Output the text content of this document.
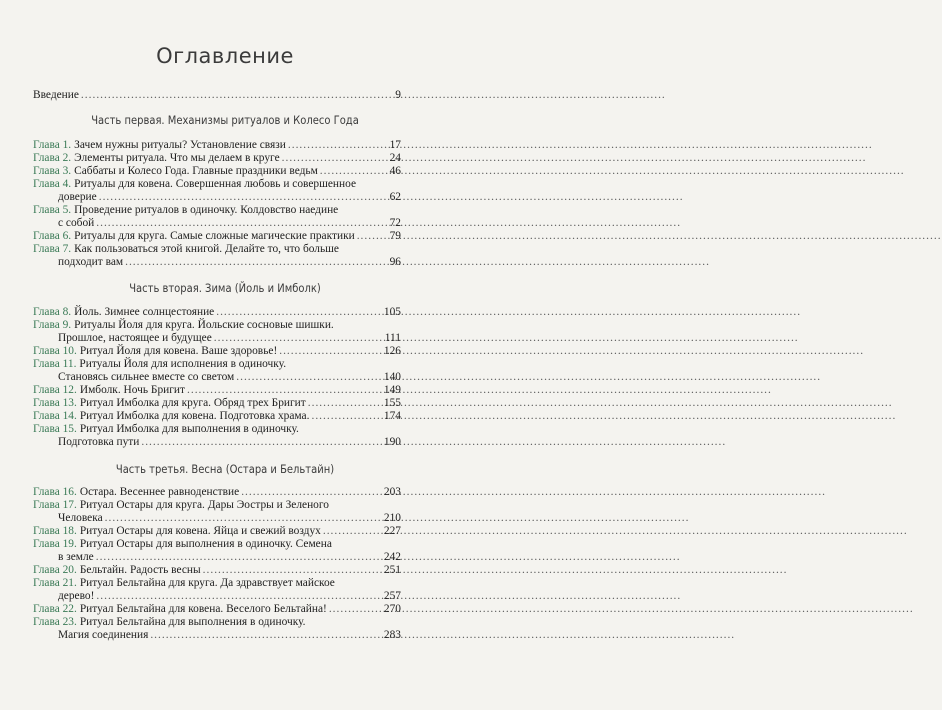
Оглавление
Введение .....	9
Часть первая. Механизмы ритуалов и Колесо Года
Глава 1. Зачем нужны ритуалы? Установление связи .....	17
Глава 2. Элементы ритуала. Что мы делаем в круге .....	24
Глава 3. Саббаты и Колесо Года. Главные праздники ведьм .....	46
Глава 4. Ритуалы для ковена. Совершенная любовь и совершенное
доверие .....	62
Глава 5. Проведение ритуалов в одиночку. Колдовство наедине
с собой .....	72
Глава 6. Ритуалы для круга. Самые сложные магические практики .....	79
Глава 7. Как пользоваться этой книгой. Делайте то, что больше
подходит вам .....	96
Часть вторая. Зима (Йоль и Имболк)
Глава 8. Йоль. Зимнее солнцестояние .....	105
Глава 9. Ритуалы Йоля для круга. Йольские сосновые шишки.
Прошлое, настоящее и будущее .....	111
Глава 10. Ритуал Йоля для ковена. Ваше здоровье! .....	126
Глава 11. Ритуалы Йоля для исполнения в одиночку.
Становясь сильнее вместе со светом .....	140
Глава 12. Имболк. Ночь Бригит .....	149
Глава 13. Ритуал Имболка для круга. Обряд трех Бригит .....	155
Глава 14. Ритуал Имболка для ковена. Подготовка храма. .....	174
Глава 15. Ритуал Имболка для выполнения в одиночку.
Подготовка пути .....	190
Часть третья. Весна (Остара и Бельтайн)
Глава 16. Остара. Весеннее равноденствие .....	203
Глава 17. Ритуал Остары для круга. Дары Эостры и Зеленого
Человека .....	210
Глава 18. Ритуал Остары для ковена. Яйца и свежий воздух .....	227
Глава 19. Ритуал Остары для выполнения в одиночку. Семена
в земле .....	242
Глава 20. Бельтайн. Радость весны .....	251
Глава 21. Ритуал Бельтайна для круга. Да здравствует майское
дерево! .....	257
Глава 22. Ритуал Бельтайна для ковена. Веселого Бельтайна! .....	270
Глава 23. Ритуал Бельтайна для выполнения в одиночку.
Магия соединения .....	283
